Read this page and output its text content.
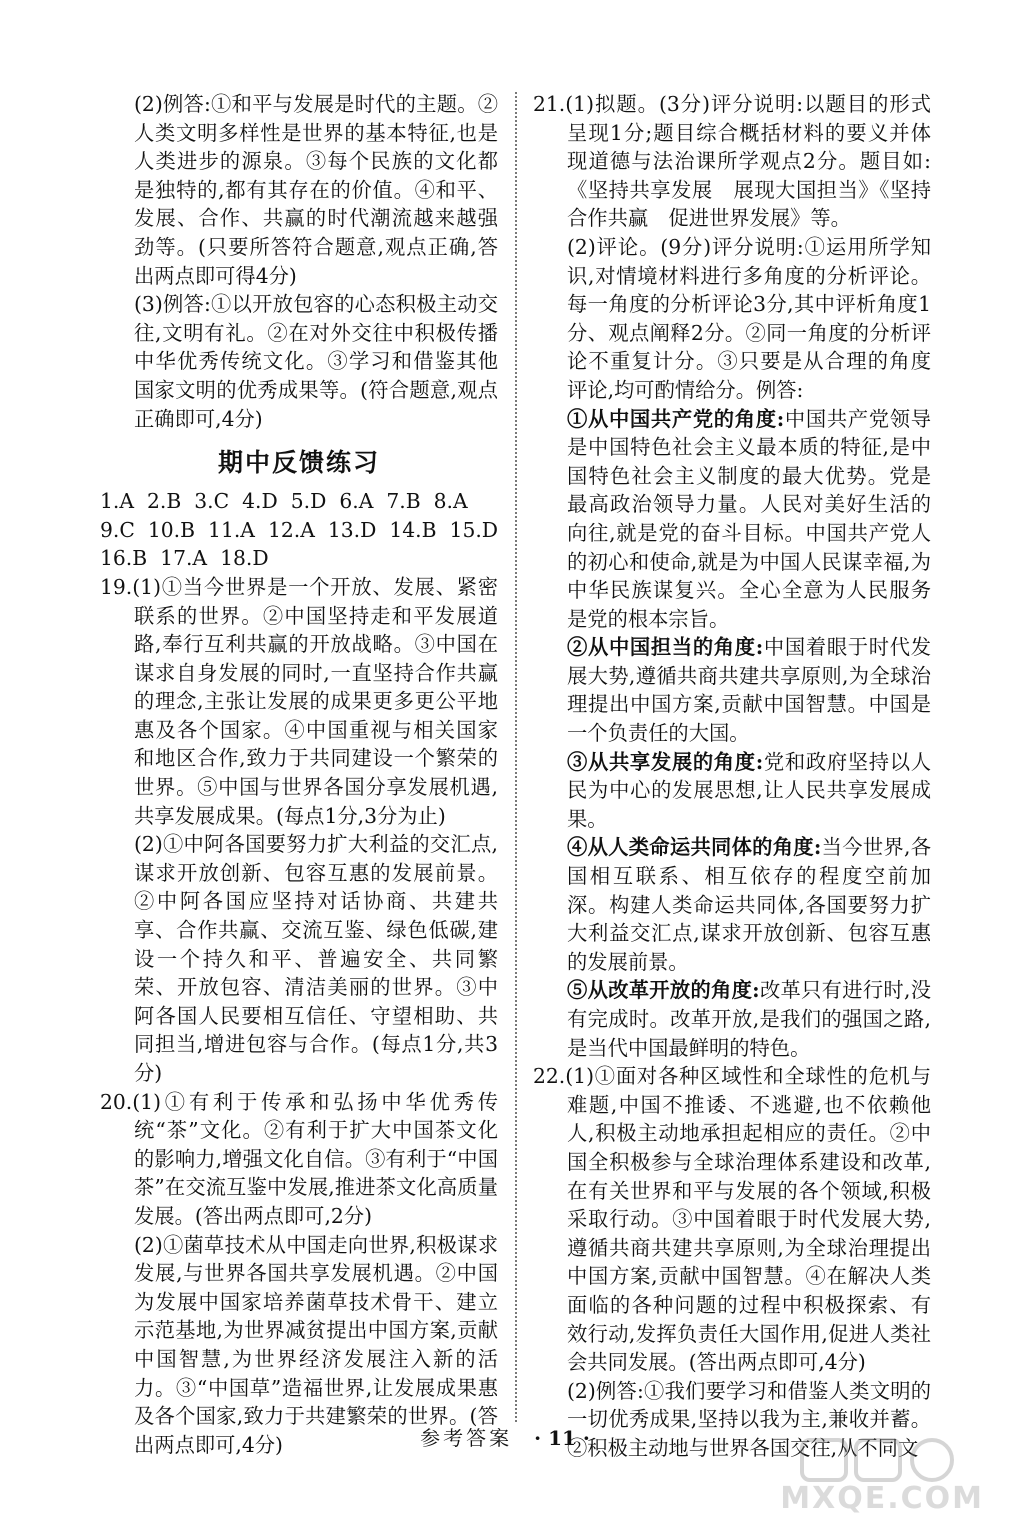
(2)例答:①和平与发展是时代的主题。②人类文明多样性是世界的基本特征,也是人类进步的源泉。③每个民族的文化都是独特的,都有其存在的价值。④和平、发展、合作、共赢的时代潮流越来越强劲等。(只要所答符合题意,观点正确,答出两点即可得4分)

(3)例答:①以开放包容的心态积极主动交往,文明有礼。②在对外交往中积极传播中华优秀传统文化。③学习和借鉴其他国家文明的优秀成果等。(符合题意,观点正确即可,4分)

期中反馈练习
1.A 2.B 3.C 4.D 5.D 6.A 7.B 8.A
9.C 10.B 11.A 12.A 13.D 14.B 15.D
16.B 17.A 18.D

19.(1)①当今世界是一个开放、发展、紧密联系的世界。②中国坚持走和平发展道路,奉行互利共赢的开放战略。③中国在谋求自身发展的同时,一直坚持合作共赢的理念,主张让发展的成果更多更公平地惠及各个国家。④中国重视与相关国家和地区合作,致力于共同建设一个繁荣的世界。⑤中国与世界各国分享发展机遇,共享发展成果。(每点1分,3分为止)

(2)①中阿各国要努力扩大利益的交汇点,谋求开放创新、包容互惠的发展前景。②中阿各国应坚持对话协商、共建共享、合作共赢、交流互鉴、绿色低碳,建设一个持久和平、普遍安全、共同繁荣、开放包容、清洁美丽的世界。③中阿各国人民要相互信任、守望相助、共同担当,增进包容与合作。(每点1分,共3分)

20.(1)①有利于传承和弘扬中华优秀传统“茶”文化。②有利于扩大中国茶文化的影响力,增强文化自信。③有利于“中国茶”在交流互鉴中发展,推进茶文化高质量发展。(答出两点即可,2分)

(2)①菌草技术从中国走向世界,积极谋求发展,与世界各国共享发展机遇。②中国为发展中国家培养菌草技术骨干、建立示范基地,为世界减贫提出中国方案,贡献中国智慧,为世界经济发展注入新的活力。③“中国草”造福世界,让发展成果惠及各个国家,致力于共建繁荣的世界。(答出两点即可,4分)

21.(1)拟题。(3分)评分说明:以题目的形式呈现1分;题目综合概括材料的要义并体现道德与法治课所学观点2分。题目如:《坚持共享发展　展现大国担当》《坚持合作共赢　促进世界发展》等。

(2)评论。(9分)评分说明:①运用所学知识,对情境材料进行多角度的分析评论。每一角度的分析评论3分,其中评析角度1分、观点阐释2分。②同一角度的分析评论不重复计分。③只要是从合理的角度评论,均可酌情给分。例答:

①从中国共产党的角度:中国共产党领导是中国特色社会主义最本质的特征,是中国特色社会主义制度的最大优势。党是最高政治领导力量。人民对美好生活的向往,就是党的奋斗目标。中国共产党人的初心和使命,就是为中国人民谋幸福,为中华民族谋复兴。全心全意为人民服务是党的根本宗旨。

②从中国担当的角度:中国着眼于时代发展大势,遵循共商共建共享原则,为全球治理提出中国方案,贡献中国智慧。中国是一个负责任的大国。

③从共享发展的角度:党和政府坚持以人民为中心的发展思想,让人民共享发展成果。

④从人类命运共同体的角度:当今世界,各国相互联系、相互依存的程度空前加深。构建人类命运共同体,各国要努力扩大利益交汇点,谋求开放创新、包容互惠的发展前景。

⑤从改革开放的角度:改革只有进行时,没有完成时。改革开放,是我们的强国之路,是当代中国最鲜明的特色。

22.(1)①面对各种区域性和全球性的危机与难题,中国不推诿、不逃避,也不依赖他人,积极主动地承担起相应的责任。②中国全积极参与全球治理体系建设和改革,在有关世界和平与发展的各个领域,积极采取行动。③中国着眼于时代发展大势,遵循共商共建共享原则,为全球治理提出中国方案,贡献中国智慧。④在解决人类面临的各种问题的过程中积极探索、有效行动,发挥负责任大国作用,促进人类社会共同发展。(答出两点即可,4分)

(2)例答:①我们要学习和借鉴人类文明的一切优秀成果,坚持以我为主,兼收并蓄。②积极主动地与世界各国交往,从不同文

参考答案 · 11 ·
MXQE.COM
